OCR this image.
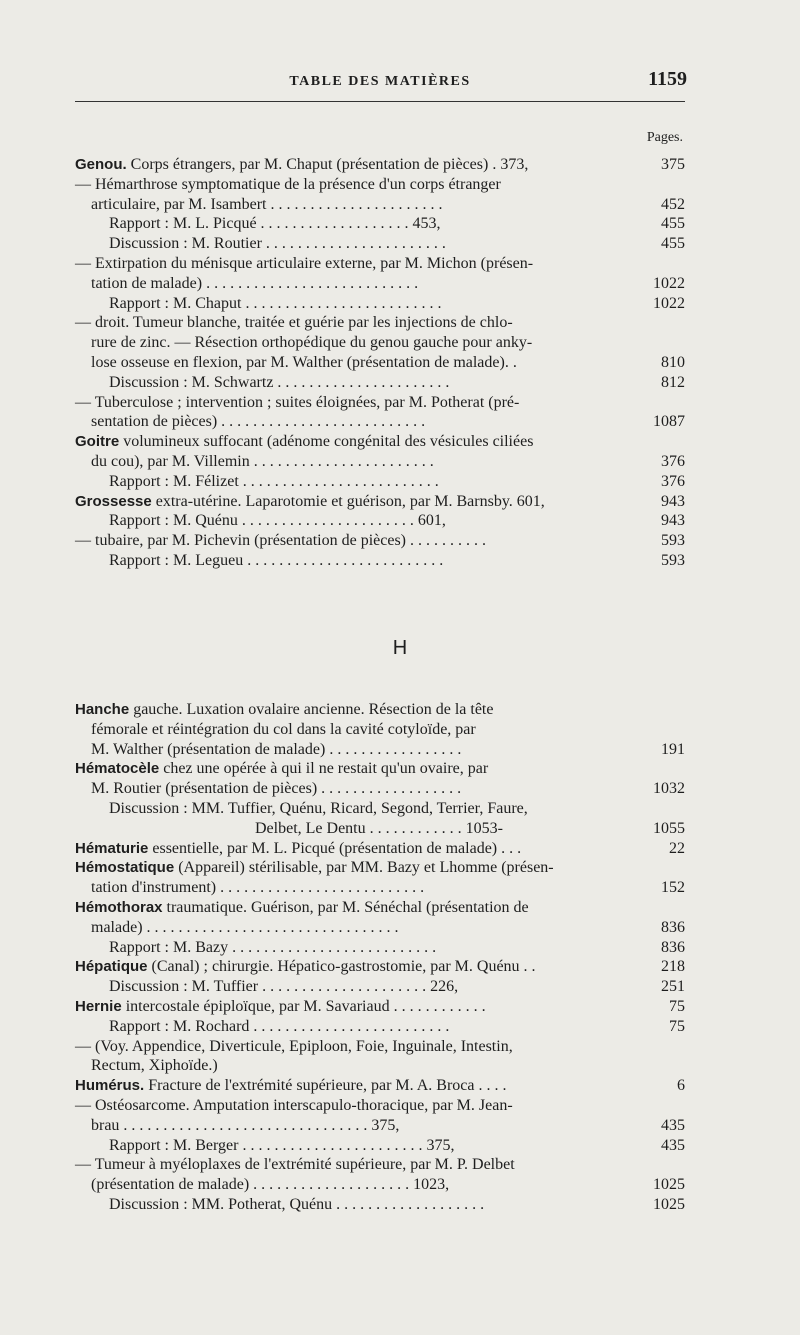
TABLE DES MATIÈRES	1159
Pages.
Genou. Corps étrangers, par M. Chaput (présentation de pièces) . 373,	375
— Hémarthrose symptomatique de la présence d'un corps étranger
articulaire, par M. Isambert . . . . . . . . . . . . . . . . . . . . . .	452
Rapport : M. L. Picqué . . . . . . . . . . . . . . . . . . . 453,	455
Discussion : M. Routier . . . . . . . . . . . . . . . . . . . . . . .	455
— Extirpation du ménisque articulaire externe, par M. Michon (présen-
tation de malade) . . . . . . . . . . . . . . . . . . . . . . . . . . .	1022
Rapport : M. Chaput . . . . . . . . . . . . . . . . . . . . . . . . .	1022
— droit. Tumeur blanche, traitée et guérie par les injections de chlo-
rure de zinc. — Résection orthopédique du genou gauche pour anky-
lose osseuse en flexion, par M. Walther (présentation de malade). .	810
Discussion : M. Schwartz . . . . . . . . . . . . . . . . . . . . . .	812
— Tuberculose ; intervention ; suites éloignées, par M. Potherat (pré-
sentation de pièces) . . . . . . . . . . . . . . . . . . . . . . . . . .	1087
Goitre volumineux suffocant (adénome congénital des vésicules ciliées
du cou), par M. Villemin . . . . . . . . . . . . . . . . . . . . . . .	376
Rapport : M. Félizet . . . . . . . . . . . . . . . . . . . . . . . . .	376
Grossesse extra-utérine. Laparotomie et guérison, par M. Barnsby. 601,	943
Rapport : M. Quénu . . . . . . . . . . . . . . . . . . . . . . 601,	943
— tubaire, par M. Pichevin (présentation de pièces) . . . . . . . . . .	593
Rapport : M. Legueu . . . . . . . . . . . . . . . . . . . . . . . . .	593
H
Hanche gauche. Luxation ovalaire ancienne. Résection de la tête
fémorale et réintégration du col dans la cavité cotyloïde, par
M. Walther (présentation de malade) . . . . . . . . . . . . . . . . .	191
Hématocèle chez une opérée à qui il ne restait qu'un ovaire, par
M. Routier (présentation de pièces) . . . . . . . . . . . . . . . . . .	1032
Discussion : MM. Tuffier, Quénu, Ricard, Segond, Terrier, Faure,
Delbet, Le Dentu . . . . . . . . . . . . 1053-	1055
Hématurie essentielle, par M. L. Picqué (présentation de malade) . . .	22
Hémostatique (Appareil) stérilisable, par MM. Bazy et Lhomme (présen-
tation d'instrument) . . . . . . . . . . . . . . . . . . . . . . . . . .	152
Hémothorax traumatique. Guérison, par M. Sénéchal (présentation de
malade) . . . . . . . . . . . . . . . . . . . . . . . . . . . . . . . .	836
Rapport : M. Bazy . . . . . . . . . . . . . . . . . . . . . . . . . .	836
Hépatique (Canal) ; chirurgie. Hépatico-gastrostomie, par M. Quénu . .	218
Discussion : M. Tuffier . . . . . . . . . . . . . . . . . . . . . 226,	251
Hernie intercostale épiploïque, par M. Savariaud . . . . . . . . . . . .	75
Rapport : M. Rochard . . . . . . . . . . . . . . . . . . . . . . . . .	75
— (Voy. Appendice, Diverticule, Epiploon, Foie, Inguinale, Intestin,
Rectum, Xiphoïde.)
Humérus. Fracture de l'extrémité supérieure, par M. A. Broca . . . .	6
— Ostéosarcome. Amputation interscapulo-thoracique, par M. Jean-
brau . . . . . . . . . . . . . . . . . . . . . . . . . . . . . . . 375,	435
Rapport : M. Berger . . . . . . . . . . . . . . . . . . . . . . . 375,	435
— Tumeur à myéloplaxes de l'extrémité supérieure, par M. P. Delbet
(présentation de malade) . . . . . . . . . . . . . . . . . . . . 1023,	1025
Discussion : MM. Potherat, Quénu . . . . . . . . . . . . . . . . . . .	1025
